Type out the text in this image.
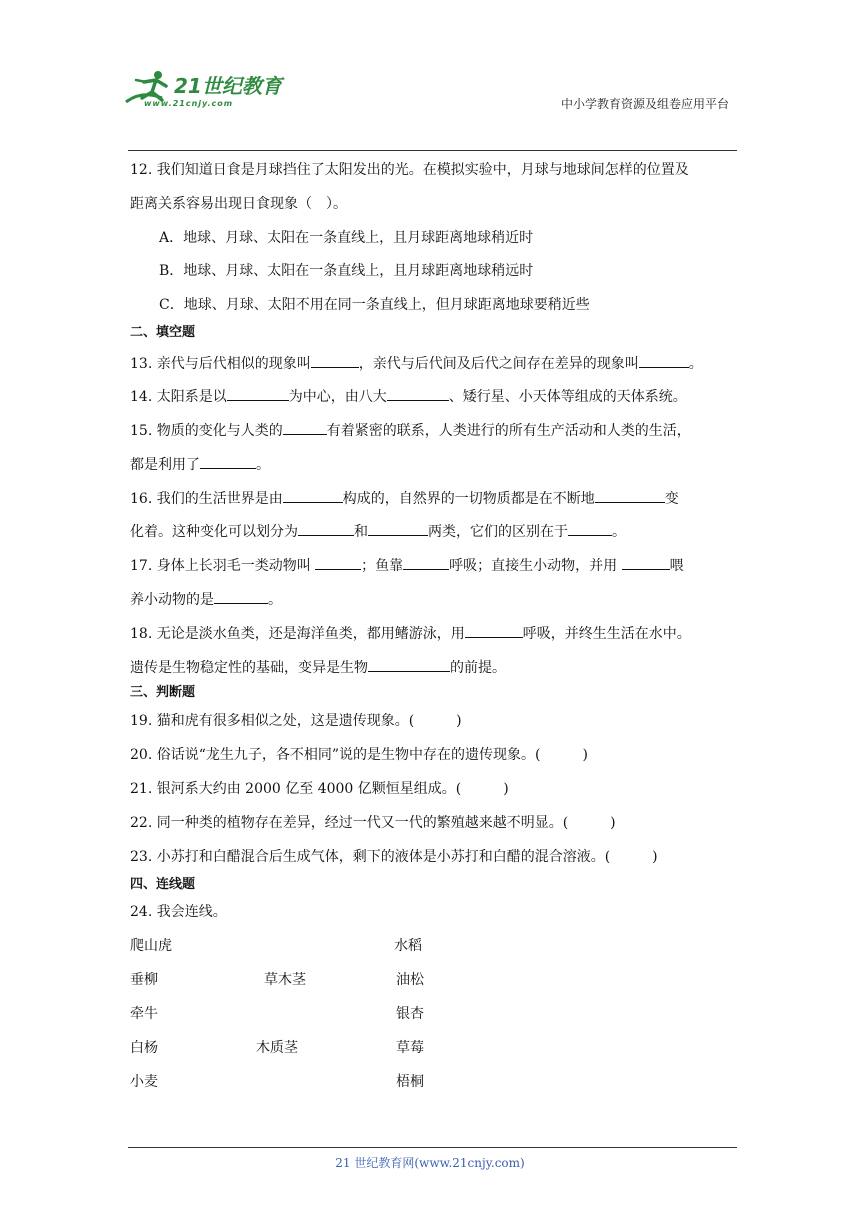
21世纪教育
www.21cnjy.com	中小学教育资源及组卷应用平台
12. 我们知道日食是月球挡住了太阳发出的光。在模拟实验中，月球与地球间怎样的位置及
距离关系容易出现日食现象（　）。
A．地球、月球、太阳在一条直线上，且月球距离地球稍近时
B．地球、月球、太阳在一条直线上，且月球距离地球稍远时
C．地球、月球、太阳不用在同一条直线上，但月球距离地球要稍近些
二、填空题
13. 亲代与后代相似的现象叫	，亲代与后代间及后代之间存在差异的现象叫	。
14. 太阳系是以	为中心，由八大	、矮行星、小天体等组成的天体系统。
15. 物质的变化与人类的	有着紧密的联系，人类进行的所有生产活动和人类的生活，
都是利用了	。
16. 我们的生活世界是由	构成的，自然界的一切物质都是在不断地	变
化着。这种变化可以划分为	和	两类，它们的区别在于	。
17. 身体上长羽毛一类动物叫	；鱼靠	呼吸；直接生小动物，并用	喂
养小动物的是	。
18. 无论是淡水鱼类，还是海洋鱼类，都用鳍游泳，用	呼吸，并终生生活在水中。
遗传是生物稳定性的基础，变异是生物	的前提。
三、判断题
19. 猫和虎有很多相似之处，这是遗传现象。(　　　)
20. 俗话说“龙生九子，各不相同”说的是生物中存在的遗传现象。(　　　)
21. 银河系大约由 2000 亿至 4000 亿颗恒星组成。(　　　)
22. 同一种类的植物存在差异，经过一代又一代的繁殖越来越不明显。(　　　)
23. 小苏打和白醋混合后生成气体，剩下的液体是小苏打和白醋的混合溶液。(　　　)
四、连线题
24. 我会连线。
爬山虎
垂柳
牵牛
白杨
小麦
草木茎
木质茎
水稻
油松
银杏
草莓
梧桐
21 世纪教育网(www.21cnjy.com)
